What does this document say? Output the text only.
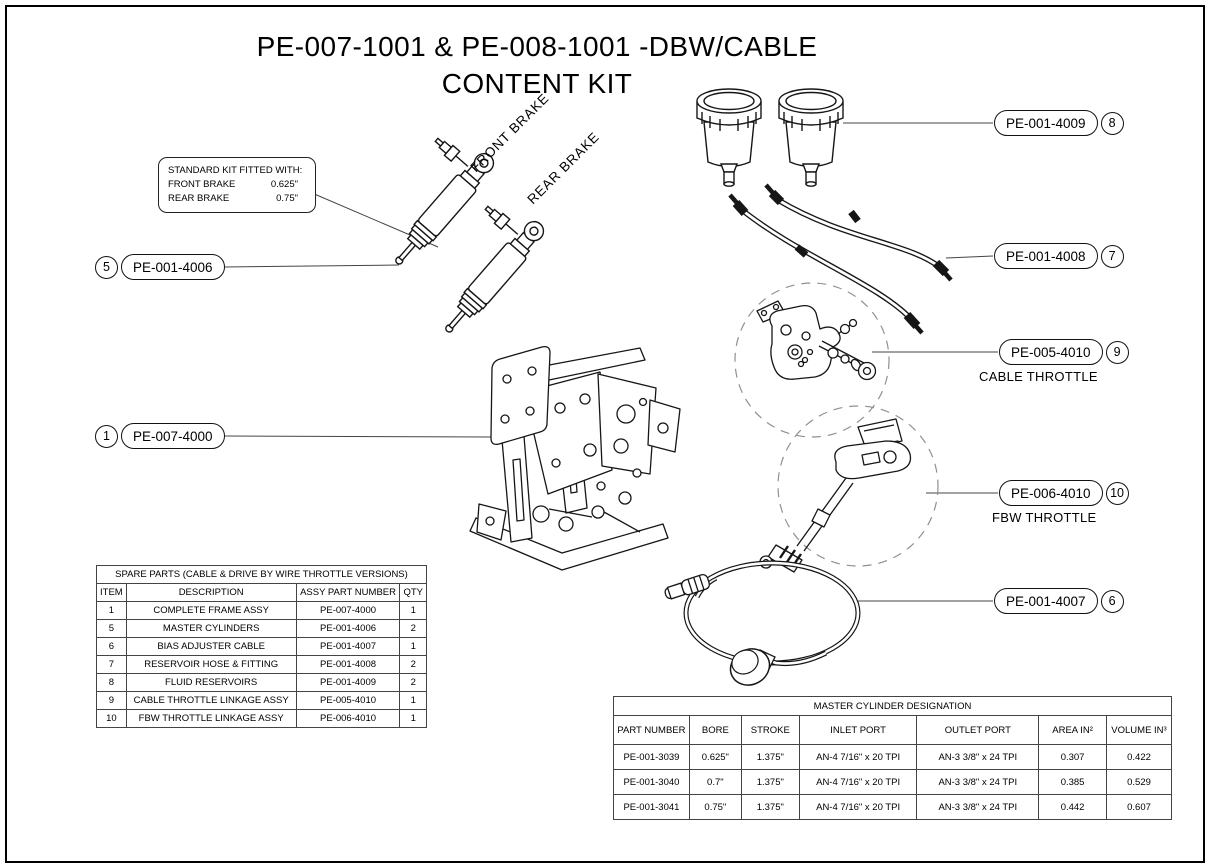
PE-007-1001 & PE-008-1001 -DBW/CABLE
CONTENT KIT
STANDARD KIT FITTED WITH:
FRONT BRAKE	0.625"
REAR BRAKE	0.75"
FRONT BRAKE
REAR BRAKE
5	PE-001-4006
1	PE-007-4000
PE-001-4009	8
PE-001-4008	7
PE-005-4010	9
CABLE THROTTLE
PE-006-4010	10
FBW THROTTLE
PE-001-4007	6
SPARE PARTS (CABLE & DRIVE BY WIRE THROTTLE VERSIONS)			
ITEM	DESCRIPTION	ASSY PART NUMBER	QTY
1	COMPLETE FRAME ASSY	PE-007-4000	1
5	MASTER CYLINDERS	PE-001-4006	2
6	BIAS ADJUSTER CABLE	PE-001-4007	1
7	RESERVOIR HOSE & FITTING	PE-001-4008	2
8	FLUID RESERVOIRS	PE-001-4009	2
9	CABLE THROTTLE LINKAGE ASSY	PE-005-4010	1
10	FBW THROTTLE LINKAGE ASSY	PE-006-4010	1
MASTER CYLINDER DESIGNATION						
PART NUMBER	BORE	STROKE	INLET PORT	OUTLET PORT	AREA IN²	VOLUME IN³
PE-001-3039	0.625"	1.375"	AN-4 7/16" x 20 TPI	AN-3 3/8" x 24 TPI	0.307	0.422
PE-001-3040	0.7"	1.375"	AN-4 7/16" x 20 TPI	AN-3 3/8" x 24 TPI	0.385	0.529
PE-001-3041	0.75"	1.375"	AN-4 7/16" x 20 TPI	AN-3 3/8" x 24 TPI	0.442	0.607
